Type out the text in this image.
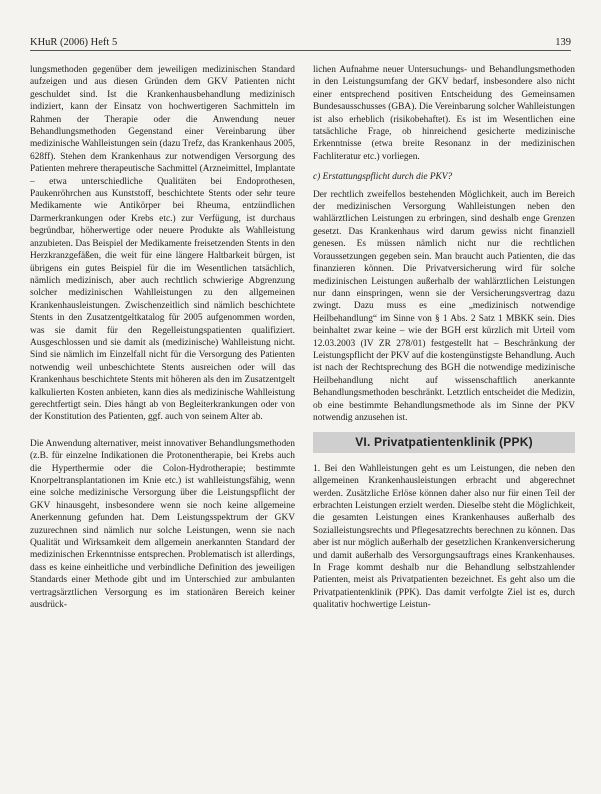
KHuR (2006) Heft 5	139

lungsmethoden gegenüber dem jeweiligen medizinischen Standard aufzeigen und aus diesen Gründen dem GKV Patienten nicht geschuldet sind. Ist die Krankenhausbehandlung medizinisch indiziert, kann der Einsatz von hochwertigeren Sachmitteln im Rahmen der Therapie oder die Anwendung neuer Behandlungsmethoden Gegenstand einer Vereinbarung über medizinische Wahlleistungen sein (dazu Trefz, das Krankenhaus 2005, 628ff). Stehen dem Krankenhaus zur notwendigen Versorgung des Patienten mehrere therapeutische Sachmittel (Arzneimittel, Implantate – etwa unterschiedliche Qualitäten bei Endoprothesen, Paukenröhrchen aus Kunststoff, beschichtete Stents oder sehr teure Medikamente wie Antikörper bei Rheuma, entzündlichen Darmerkrankungen oder Krebs etc.) zur Verfügung, ist durchaus begründbar, höherwertige oder neuere Produkte als Wahlleistung anzubieten. Das Beispiel der Medikamente freisetzenden Stents in den Herzkranzgefäßen, die weit für eine längere Haltbarkeit bürgen, ist übrigens ein gutes Beispiel für die im Wesentlichen tatsächlich, nämlich medizinisch, aber auch rechtlich schwierige Abgrenzung solcher medizinischen Wahlleistungen zu den allgemeinen Krankenhausleistungen. Zwischenzeitlich sind nämlich beschichtete Stents in den Zusatzentgeltkatalog für 2005 aufgenommen worden, was sie damit für den Regelleistungspatienten qualifiziert. Ausgeschlossen und sie damit als (medizinische) Wahlleistung nicht. Sind sie nämlich im Einzelfall nicht für die Versorgung des Patienten notwendig weil unbeschichtete Stents ausreichen oder will das Krankenhaus beschichtete Stents mit höheren als den im Zusatzentgelt kalkulierten Kosten anbieten, kann dies als medizinische Wahlleistung gerechtfertigt sein. Dies hängt ab von Begleiterkrankungen oder von der Konstitution des Patienten, ggf. auch von seinem Alter ab.

Die Anwendung alternativer, meist innovativer Behandlungsmethoden (z.B. für einzelne Indikationen die Protonentherapie, bei Krebs auch die Hyperthermie oder die Colon-Hydrotherapie; bestimmte Knorpeltransplantationen im Knie etc.) ist wahlleistungsfähig, wenn eine solche medizinische Versorgung über die Leistungspflicht der GKV hinausgeht, insbesondere wenn sie noch keine allgemeine Anerkennung gefunden hat. Dem Leistungsspektrum der GKV zuzurechnen sind nämlich nur solche Leistungen, wenn sie nach Qualität und Wirksamkeit dem allgemein anerkannten Standard der medizinischen Erkenntnisse entsprechen. Problematisch ist allerdings, dass es keine einheitliche und verbindliche Definition des jeweiligen Standards einer Methode gibt und im Unterschied zur ambulanten vertragsärztlichen Versorgung es im stationären Bereich keiner ausdrück-

lichen Aufnahme neuer Untersuchungs- und Behandlungsmethoden in den Leistungsumfang der GKV bedarf, insbesondere also nicht einer entsprechend positiven Entscheidung des Gemeinsamen Bundesausschusses (GBA). Die Vereinbarung solcher Wahlleistungen ist also erheblich (risikobehaftet). Es ist im Wesentlichen eine tatsächliche Frage, ob hinreichend gesicherte medizinische Erkenntnisse (etwa breite Resonanz in der medizinischen Fachliteratur etc.) vorliegen.

c) Erstattungspflicht durch die PKV?

Der rechtlich zweifellos bestehenden Möglichkeit, auch im Bereich der medizinischen Versorgung Wahlleistungen neben den wahlärztlichen Leistungen zu erbringen, sind deshalb enge Grenzen gesetzt. Das Krankenhaus wird darum gewiss nicht finanziell genesen. Es müssen nämlich nicht nur die rechtlichen Voraussetzungen gegeben sein. Man braucht auch Patienten, die das finanzieren können. Die Privatversicherung wird für solche medizinischen Leistungen außerhalb der wahlärztlichen Leistungen nur dann einspringen, wenn sie der Versicherungsvertrag dazu zwingt. Dazu muss es eine „medizinisch notwendige Heilbehandlung“ im Sinne von § 1 Abs. 2 Satz 1 MBKK sein. Dies beinhaltet zwar keine – wie der BGH erst kürzlich mit Urteil vom 12.03.2003 (IV ZR 278/01) festgestellt hat – Beschränkung der Leistungspflicht der PKV auf die kostengünstigste Behandlung. Auch ist nach der Rechtsprechung des BGH die notwendige medizinische Heilbehandlung nicht auf wissenschaftlich anerkannte Behandlungsmethoden beschränkt. Letztlich entscheidet die Medizin, ob eine bestimmte Behandlungsmethode als im Sinne der PKV notwendig anzusehen ist.

VI. Privatpatientenklinik (PPK)

1. Bei den Wahlleistungen geht es um Leistungen, die neben den allgemeinen Krankenhausleistungen erbracht und abgerechnet werden. Zusätzliche Erlöse können daher also nur für einen Teil der erbrachten Leistungen erzielt werden. Dieselbe steht die Möglichkeit, die gesamten Leistungen eines Krankenhauses außerhalb des Sozialleistungsrechts und Pflegesatzrechts berechnen zu können. Das aber ist nur möglich außerhalb der gesetzlichen Krankenversicherung und damit außerhalb des Versorgungsauftrags eines Krankenhauses. In Frage kommt deshalb nur die Behandlung selbstzahlender Patienten, meist als Privatpatienten bezeichnet. Es geht also um die Privatpatientenklinik (PPK). Das damit verfolgte Ziel ist es, durch qualitativ hochwertige Leistun-
